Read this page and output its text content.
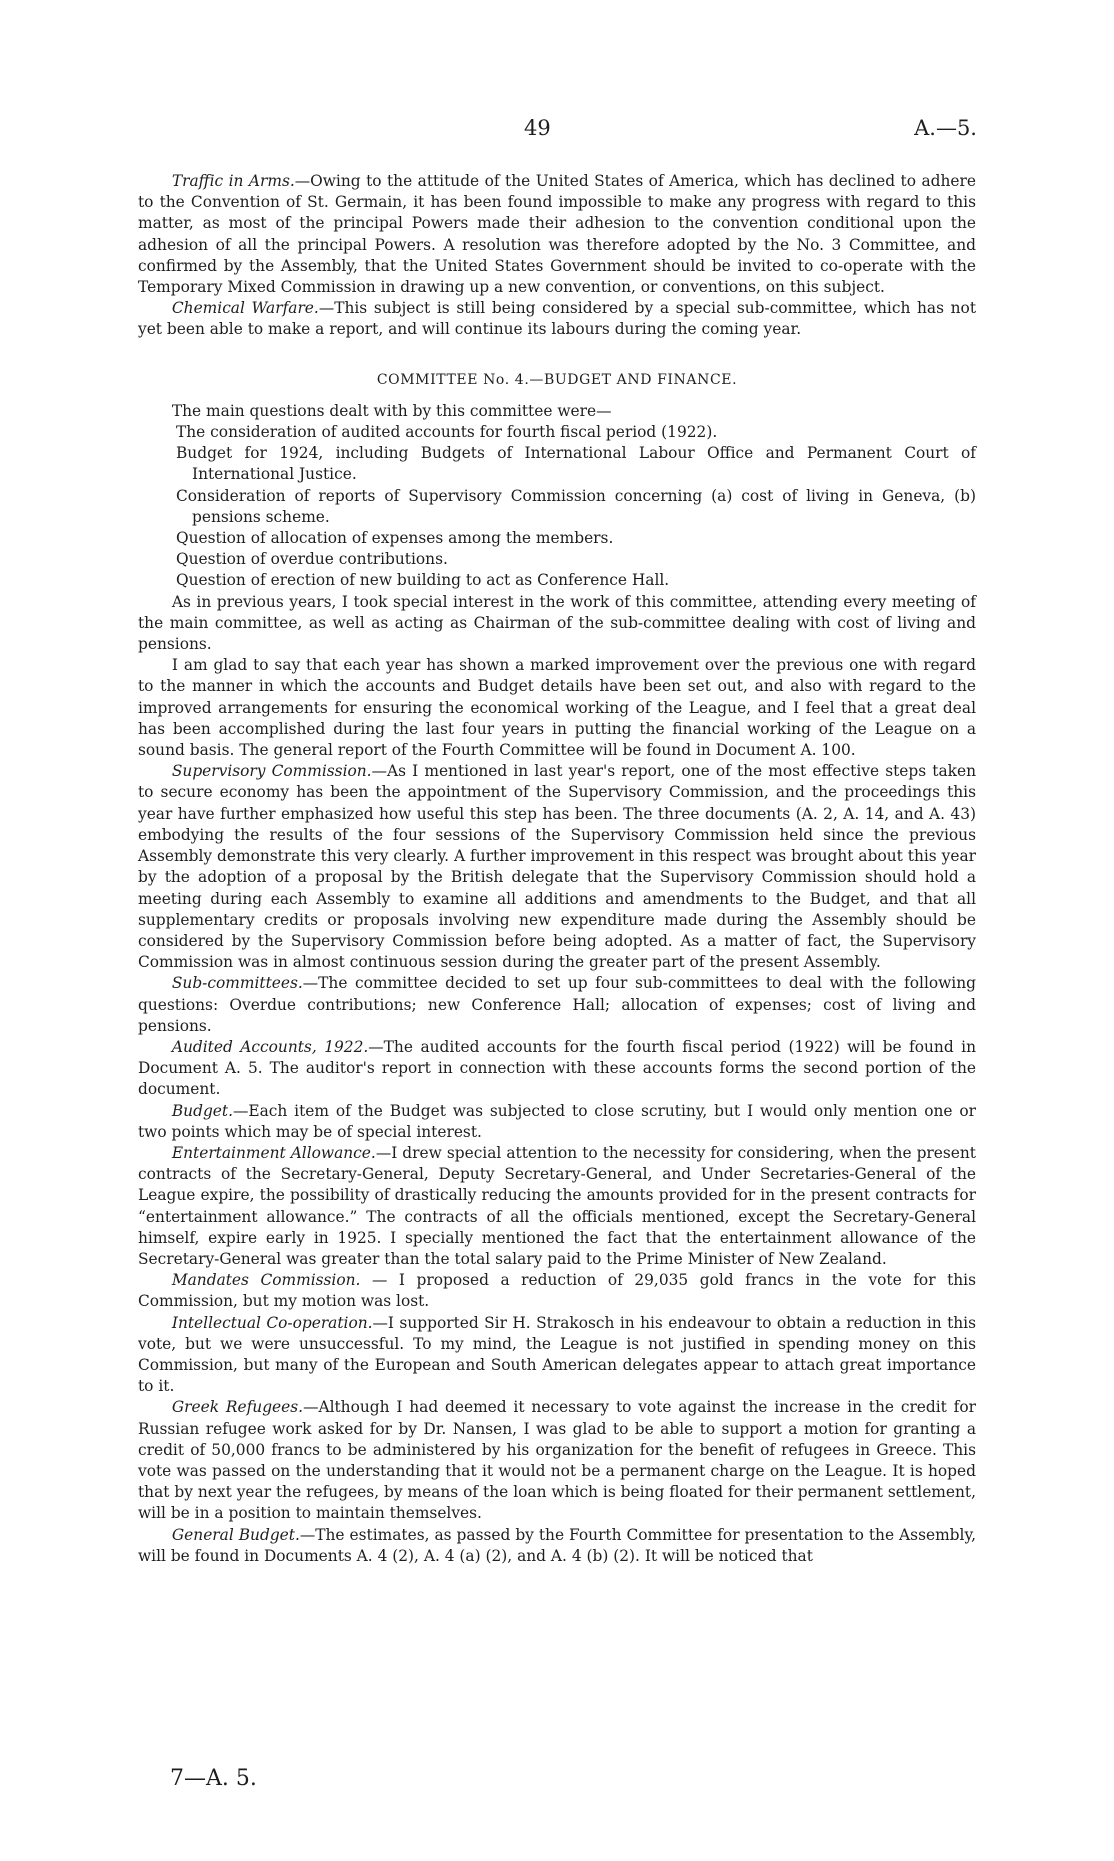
49	A.—5.

Traffic in Arms.—Owing to the attitude of the United States of America, which has declined to adhere to the Convention of St. Germain, it has been found impossible to make any progress with regard to this matter, as most of the principal Powers made their adhesion to the convention conditional upon the adhesion of all the principal Powers. A resolution was therefore adopted by the No. 3 Committee, and confirmed by the Assembly, that the United States Government should be invited to co-operate with the Temporary Mixed Commission in drawing up a new convention, or conventions, on this subject.

Chemical Warfare.—This subject is still being considered by a special sub-committee, which has not yet been able to make a report, and will continue its labours during the coming year.

COMMITTEE No. 4.—BUDGET AND FINANCE.

The main questions dealt with by this committee were—

The consideration of audited accounts for fourth fiscal period (1922).

Budget for 1924, including Budgets of International Labour Office and Permanent Court of International Justice.

Consideration of reports of Supervisory Commission concerning (a) cost of living in Geneva, (b) pensions scheme.

Question of allocation of expenses among the members.

Question of overdue contributions.

Question of erection of new building to act as Conference Hall.

As in previous years, I took special interest in the work of this committee, attending every meeting of the main committee, as well as acting as Chairman of the sub-committee dealing with cost of living and pensions.

I am glad to say that each year has shown a marked improvement over the previous one with regard to the manner in which the accounts and Budget details have been set out, and also with regard to the improved arrangements for ensuring the economical working of the League, and I feel that a great deal has been accomplished during the last four years in putting the financial working of the League on a sound basis. The general report of the Fourth Committee will be found in Document A. 100.

Supervisory Commission.—As I mentioned in last year's report, one of the most effective steps taken to secure economy has been the appointment of the Supervisory Commission, and the proceedings this year have further emphasized how useful this step has been. The three documents (A. 2, A. 14, and A. 43) embodying the results of the four sessions of the Supervisory Commission held since the previous Assembly demonstrate this very clearly. A further improvement in this respect was brought about this year by the adoption of a proposal by the British delegate that the Supervisory Commission should hold a meeting during each Assembly to examine all additions and amendments to the Budget, and that all supplementary credits or proposals involving new expenditure made during the Assembly should be considered by the Supervisory Commission before being adopted. As a matter of fact, the Supervisory Commission was in almost continuous session during the greater part of the present Assembly.

Sub-committees.—The committee decided to set up four sub-committees to deal with the following questions: Overdue contributions; new Conference Hall; allocation of expenses; cost of living and pensions.

Audited Accounts, 1922.—The audited accounts for the fourth fiscal period (1922) will be found in Document A. 5. The auditor's report in connection with these accounts forms the second portion of the document.

Budget.—Each item of the Budget was subjected to close scrutiny, but I would only mention one or two points which may be of special interest.

Entertainment Allowance.—I drew special attention to the necessity for considering, when the present contracts of the Secretary-General, Deputy Secretary-General, and Under Secretaries-General of the League expire, the possibility of drastically reducing the amounts provided for in the present contracts for “entertainment allowance.” The contracts of all the officials mentioned, except the Secretary-General himself, expire early in 1925. I specially mentioned the fact that the entertainment allowance of the Secretary-General was greater than the total salary paid to the Prime Minister of New Zealand.

Mandates Commission. — I proposed a reduction of 29,035 gold francs in the vote for this Commission, but my motion was lost.

Intellectual Co-operation.—I supported Sir H. Strakosch in his endeavour to obtain a reduction in this vote, but we were unsuccessful. To my mind, the League is not justified in spending money on this Commission, but many of the European and South American delegates appear to attach great importance to it.

Greek Refugees.—Although I had deemed it necessary to vote against the increase in the credit for Russian refugee work asked for by Dr. Nansen, I was glad to be able to support a motion for granting a credit of 50,000 francs to be administered by his organization for the benefit of refugees in Greece. This vote was passed on the understanding that it would not be a permanent charge on the League. It is hoped that by next year the refugees, by means of the loan which is being floated for their permanent settlement, will be in a position to maintain themselves.

General Budget.—The estimates, as passed by the Fourth Committee for presentation to the Assembly, will be found in Documents A. 4 (2), A. 4 (a) (2), and A. 4 (b) (2). It will be noticed that

7—A. 5.
